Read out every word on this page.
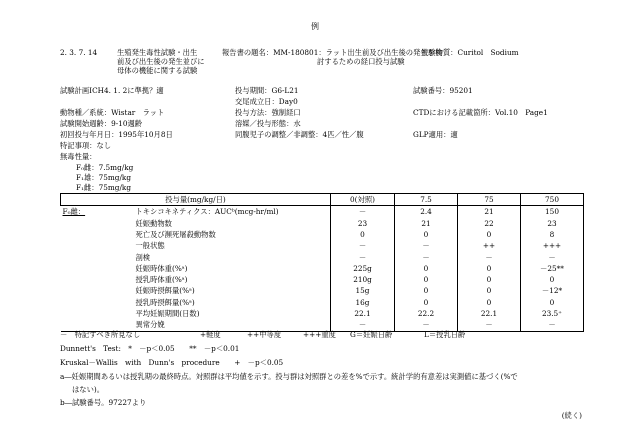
例
2. 3. 7. 14	生殖発生毒性試験・出生
前及び出生後の発生並びに
母体の機能に関する試験
報告書の題名：MM-180801：ラット出生前及び出生後の発生を検
討するための経口投与試験
被験物質：Curitol　Sodium
試験計画ICH4. 1. 2に準拠？適	投与期間：G6-L21	試験番号：95201
交尾成立日：Day0
動物種／系統：Wistar　ラット	投与方法：強制経口	CTDにおける記載箇所：Vol.10　Page1
試験開始週齢：9-10週齢	溶媒／投与形態：水
初回投与年月日：1995年10月8日	同腹児子の調整／非調整：4匹／性／腹	GLP適用：適
特記事項：なし
無毒性量：
F₀雌：7.5mg/kg
F₁雄：75mg/kg
F₁雌：75mg/kg
投与量(mg/kg/日)			0(対照)	7.5	75	750
F₀雌：		トキシコキネティクス：AUCᵇ(mcg-hr/ml)	－	2.4	21	150
		妊娠動物数	23	21	22	23
		死亡及び瀕死屠殺動物数	0	0	0	8
		一般状態	－	－	++	+++
		剖検	－	－	－	－
		妊娠時体重(%ᵃ)	225g	0	0	－25**
		授乳時体重(%ᵃ)	210g	0	0	0
		妊娠時摂餌量(%ᵃ)	15g	0	0	－12*
		授乳時摂餌量(%ᵃ)	16g	0	0	0
		平均妊娠期間(日数)	22.1	22.2	22.1	23.5⁺
		異常分娩	－	－	－	－
－　特記すべき所見なし	+軽度	++中等度	+++重度 G＝妊娠日齢	L＝授乳日齢
Dunnett's　Test:　*　－p＜0.05　　**　－p＜0.01
Kruskal－Wallis　with　Dunn's　procedure　　+　－p＜0.05
a―妊娠期間あるいは授乳期の最終時点。対照群は平均値を示す。投与群は対照群との差を%で示す。統計学的有意差は実測値に基づく(%で
はない)。
b―試験番号。97227より
(続く)
